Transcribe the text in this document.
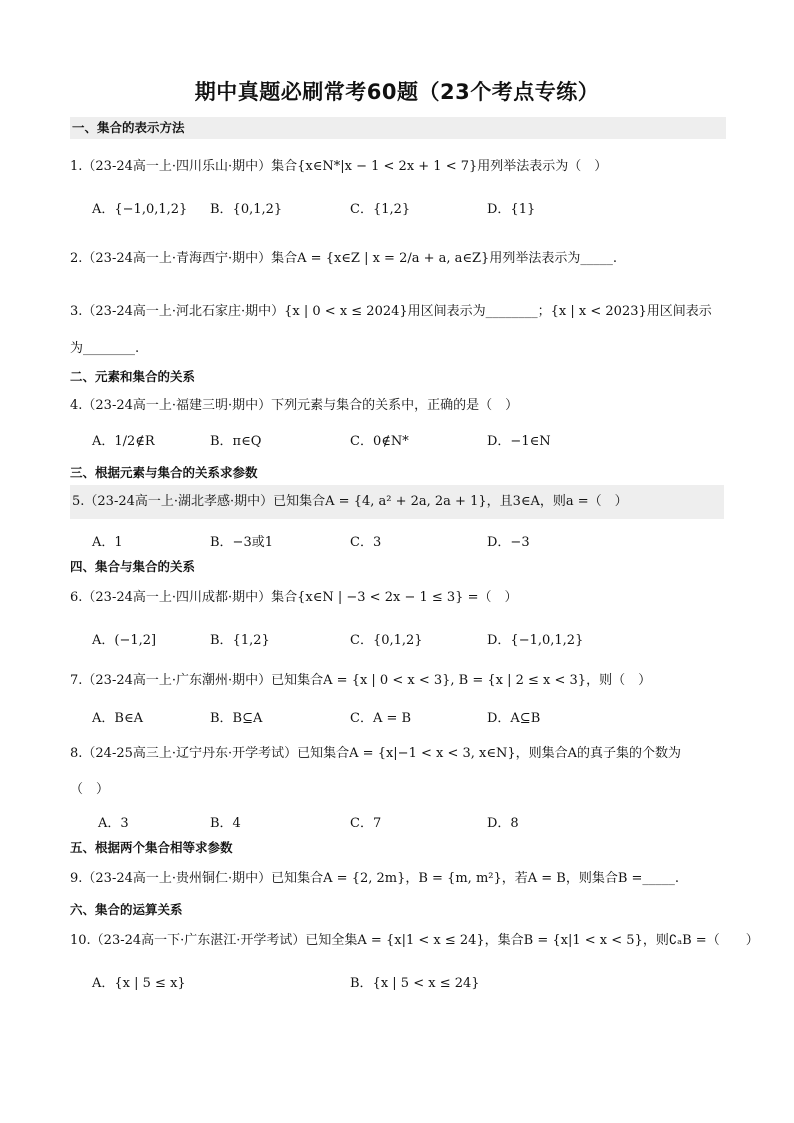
期中真题必刷常考60题（23个考点专练）
一、集合的表示方法
1.（23-24高一上·四川乐山·期中）集合{x∈N*|x − 1 < 2x + 1 < 7}用列举法表示为（　）
A．{−1,0,1,2} B．{0,1,2}	C．{1,2}	D．{1}
2.（23-24高一上·青海西宁·期中）集合A = {x∈Z | x = 2/a + a, a∈Z}用列举法表示为_____.
3.（23-24高一上·河北石家庄·期中）{x | 0 < x ≤ 2024}用区间表示为________；{x | x < 2023}用区间表示
为________.
二、元素和集合的关系
4.（23-24高一上·福建三明·期中）下列元素与集合的关系中，正确的是（　）
A．1/2∉R	B．π∈Q	C．0∉N*	D．−1∈N
三、根据元素与集合的关系求参数
5.（23-24高一上·湖北孝感·期中）已知集合A = {4, a² + 2a, 2a + 1}，且3∈A，则a =（　）
A．1	B．−3或1	C．3	D．−3
四、集合与集合的关系
6.（23-24高一上·四川成都·期中）集合{x∈N | −3 < 2x − 1 ≤ 3} =（　）
A．(−1,2]	B．{1,2}	C．{0,1,2}	D．{−1,0,1,2}
7.（23-24高一上·广东潮州·期中）已知集合A = {x | 0 < x < 3}, B = {x | 2 ≤ x < 3}，则（　）
A．B∈A	B．B⊆A	C．A = B	D．A⊆B
8.（24-25高三上·辽宁丹东·开学考试）已知集合A = {x|−1 < x < 3, x∈N}，则集合A的真子集的个数为
（　）
A．3	B．4	C．7	D．8
五、根据两个集合相等求参数
9.（23-24高一上·贵州铜仁·期中）已知集合A = {2, 2m}，B = {m, m²}，若A = B，则集合B =_____.
六、集合的运算关系
10.（23-24高一下·广东湛江·开学考试）已知全集A = {x|1 < x ≤ 24}，集合B = {x|1 < x < 5}，则∁ₐB =（　　）
A．{x | 5 ≤ x}	B．{x | 5 < x ≤ 24}
